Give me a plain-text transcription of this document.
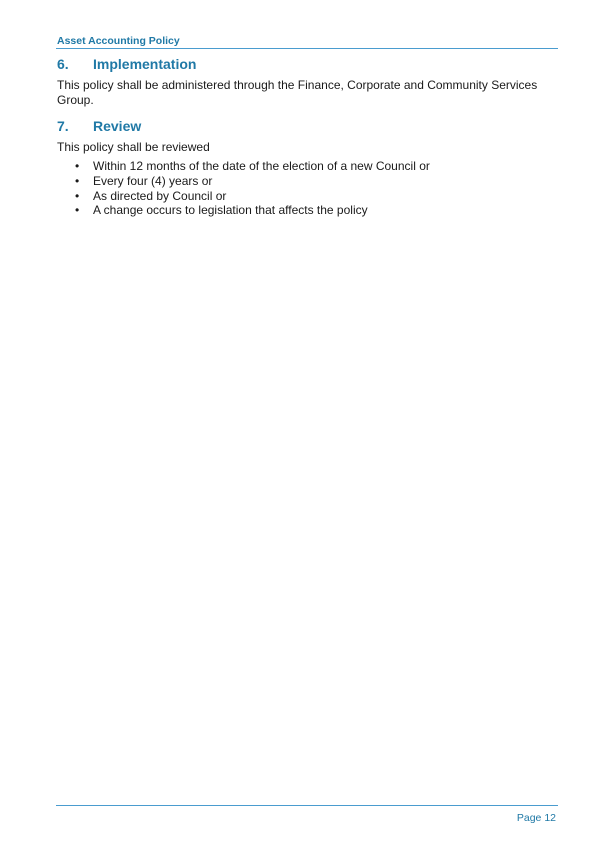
Asset Accounting Policy
6. Implementation
This policy shall be administered through the Finance, Corporate and Community Services Group.
7. Review
This policy shall be reviewed
• Within 12 months of the date of the election of a new Council or
• Every four (4) years or
• As directed by Council or
• A change occurs to legislation that affects the policy
Page 12
